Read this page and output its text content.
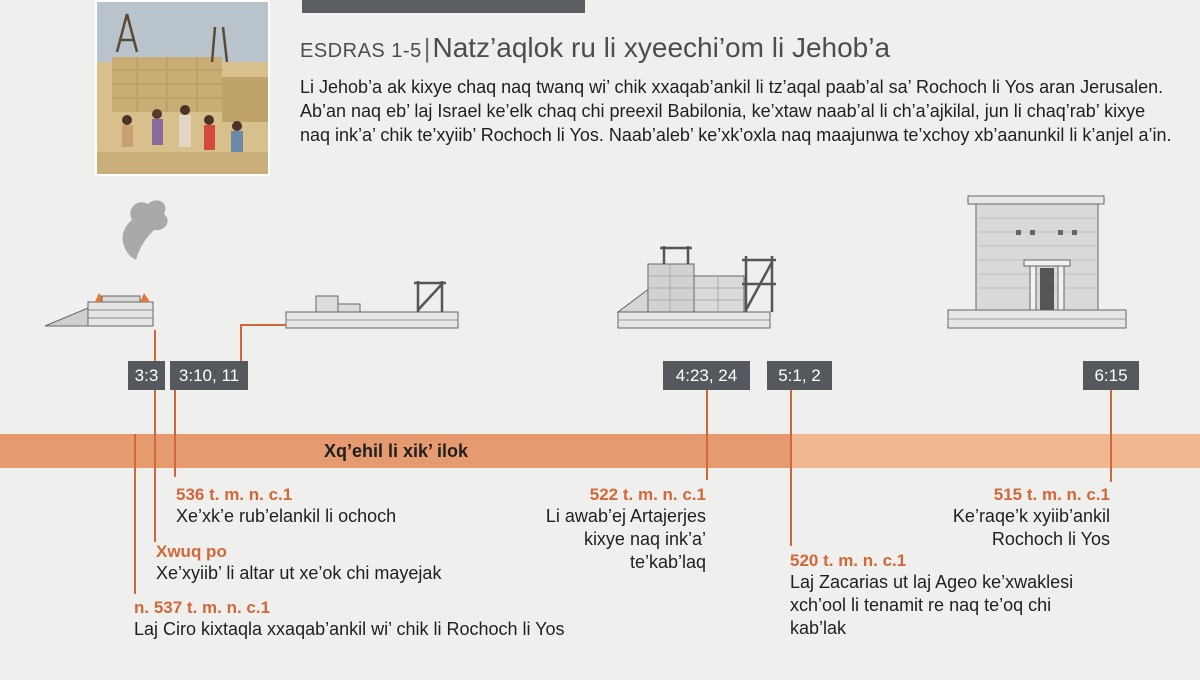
ESDRAS 1-5|Natz’aqlok ru li xyeechi’om li Jehob’a
Li Jehob’a ak kixye chaq naq twanq wi’ chik xxaqab’ankil li tz’aqal paab’al sa’ Rochoch li Yos aran Jerusalen. Ab’an naq eb’ laj Israel ke’elk chaq chi preexil Babilonia, ke’xtaw naab’al li ch’a’ajkilal, jun li chaq’rab’ kixye naq ink’a’ chik te’xyiib’ Rochoch li Yos. Naab’aleb’ ke’xk’oxla naq maajunwa te’xchoy xb’aanunkil li k’anjel a’in.
3:3	3:10, 11	4:23, 24	5:1, 2	6:15
Xq’ehil li xik’ ilok
536 t. m. n. c.1
Xe’xk’e rub’elankil li ochoch
Xwuq po
Xe’xyiib’ li altar ut xe’ok chi mayejak
n. 537 t. m. n. c.1
Laj Ciro kixtaqla xxaqab’ankil wi’ chik li Rochoch li Yos
522 t. m. n. c.1
Li awab’ej Artajerjes kixye naq ink’a’ te’kab’laq	520 t. m. n. c.1
Laj Zacarias ut laj Ageo ke’xwaklesi xch’ool li tenamit re naq te’oq chi kab’lak
515 t. m. n. c.1
Ke’raqe’k xyiib’ankil Rochoch li Yos
